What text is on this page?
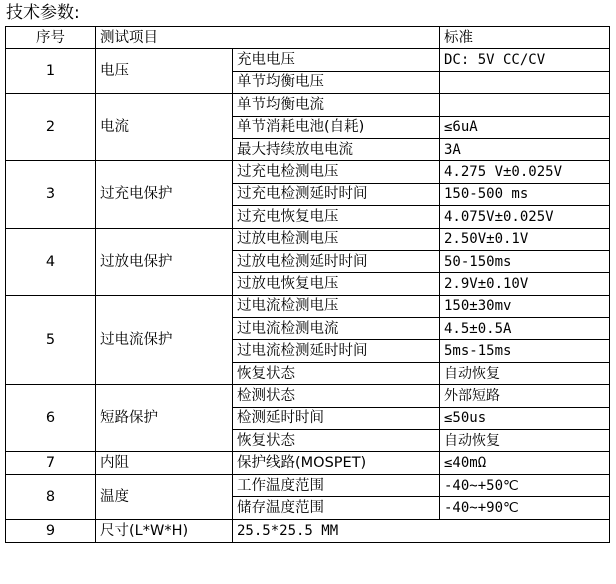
技术参数:
序号	测试项目		标准
1	电压	充电电压	DC: 5V CC/CV
		单节均衡电压	
2	电流	单节均衡电流	
		单节消耗电池(自耗)	≤6uA
		最大持续放电电流	3A
3	过充电保护	过充电检测电压	4.275 V±0.025V
		过充电检测延时时间	150-500 ms
		过充电恢复电压	4.075V±0.025V
4	过放电保护	过放电检测电压	2.50V±0.1V
		过放电检测延时时间	50-150ms
		过放电恢复电压	2.9V±0.10V
5	过电流保护	过电流检测电压	150±30mv
		过电流检测电流	4.5±0.5A
		过电流检测延时时间	5ms-15ms
		恢复状态	自动恢复
6	短路保护	检测状态	外部短路
		检测延时时间	≤50us
		恢复状态	自动恢复
7	内阻	保护线路(MOSPET)	≤40mΩ
8	温度	工作温度范围	-40~+50℃
		储存温度范围	-40~+90℃
9	尺寸(L*W*H)	25.5*25.5 MM	
